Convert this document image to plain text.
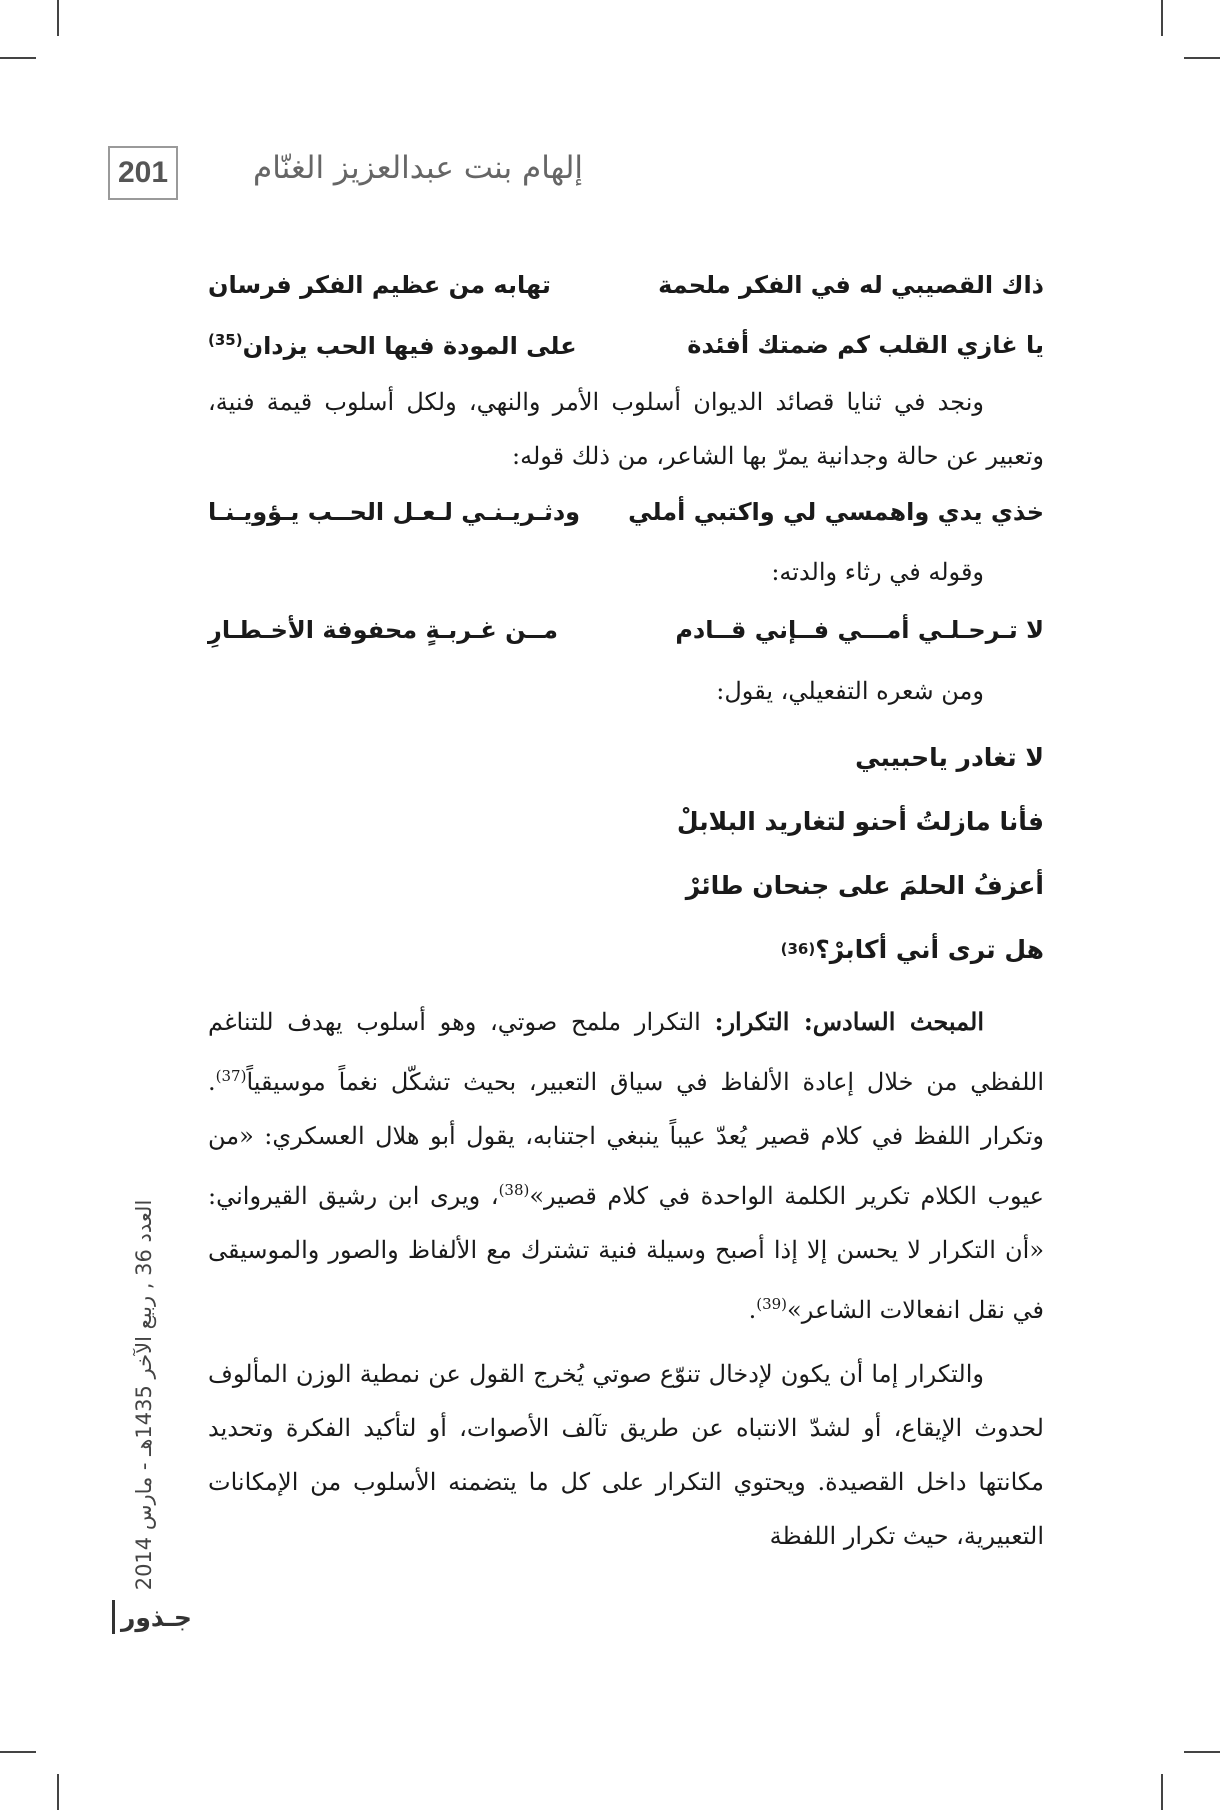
201	إلهام بنت عبدالعزيز الغنّام
ذاك القصيبي له في الفكر ملحمة
تهابه من عظيم الفكر فرسان
يا غازي القلب كم ضمتك أفئدة
على المودة فيها الحب يزدان$^{(35)}$

ونجد في ثنايا قصائد الديوان أسلوب الأمر والنهي، ولكل أسلوب قيمة فنية، وتعبير عن حالة وجدانية يمرّ بها الشاعر، من ذلك قوله:

خذي يدي واهمسي لي واكتبي أملي
ودثـريـنـي لـعـل الحــب يـؤويـنـا

وقوله في رثاء والدته:

لا تـرحـلـي أمـــي فــإني قــادم
مــن غـربـةٍ محفوفة الأخـطـارِ

ومن شعره التفعيلي، يقول:

لا تغادر ياحبيبي
فأنا مازلتُ أحنو لتغاريد البلابلْ
أعزفُ الحلمَ على جنحان طائرْ
هل ترى أني أكابرْ؟
(36)

المبحث السادس: التكرار: التكرار ملمح صوتي، وهو أسلوب يهدف للتناغم اللفظي من خلال إعادة الألفاظ في سياق التعبير، بحيث تشكّل نغماً موسيقياً$^{(37)}$. وتكرار اللفظ في كلام قصير يُعدّ عيباً ينبغي اجتنابه، يقول أبو هلال العسكري: «من عيوب الكلام تكرير الكلمة الواحدة في كلام قصير»$^{(38)}$، ويرى ابن رشيق القيرواني: «أن التكرار لا يحسن إلا إذا أصبح وسيلة فنية تشترك مع الألفاظ والصور والموسيقى في نقل انفعالات الشاعر»$^{(39)}$.

والتكرار إما أن يكون لإدخال تنوّع صوتي يُخرج القول عن نمطية الوزن المألوف لحدوث الإيقاع، أو لشدّ الانتباه عن طريق تآلف الأصوات، أو لتأكيد الفكرة وتحديد مكانتها داخل القصيدة. ويحتوي التكرار على كل ما يتضمنه الأسلوب من الإمكانات التعبيرية، حيث تكرار اللفظة

العدد 36 , ربيع الآخر 1435هـ - مارس 2014
جـذور
